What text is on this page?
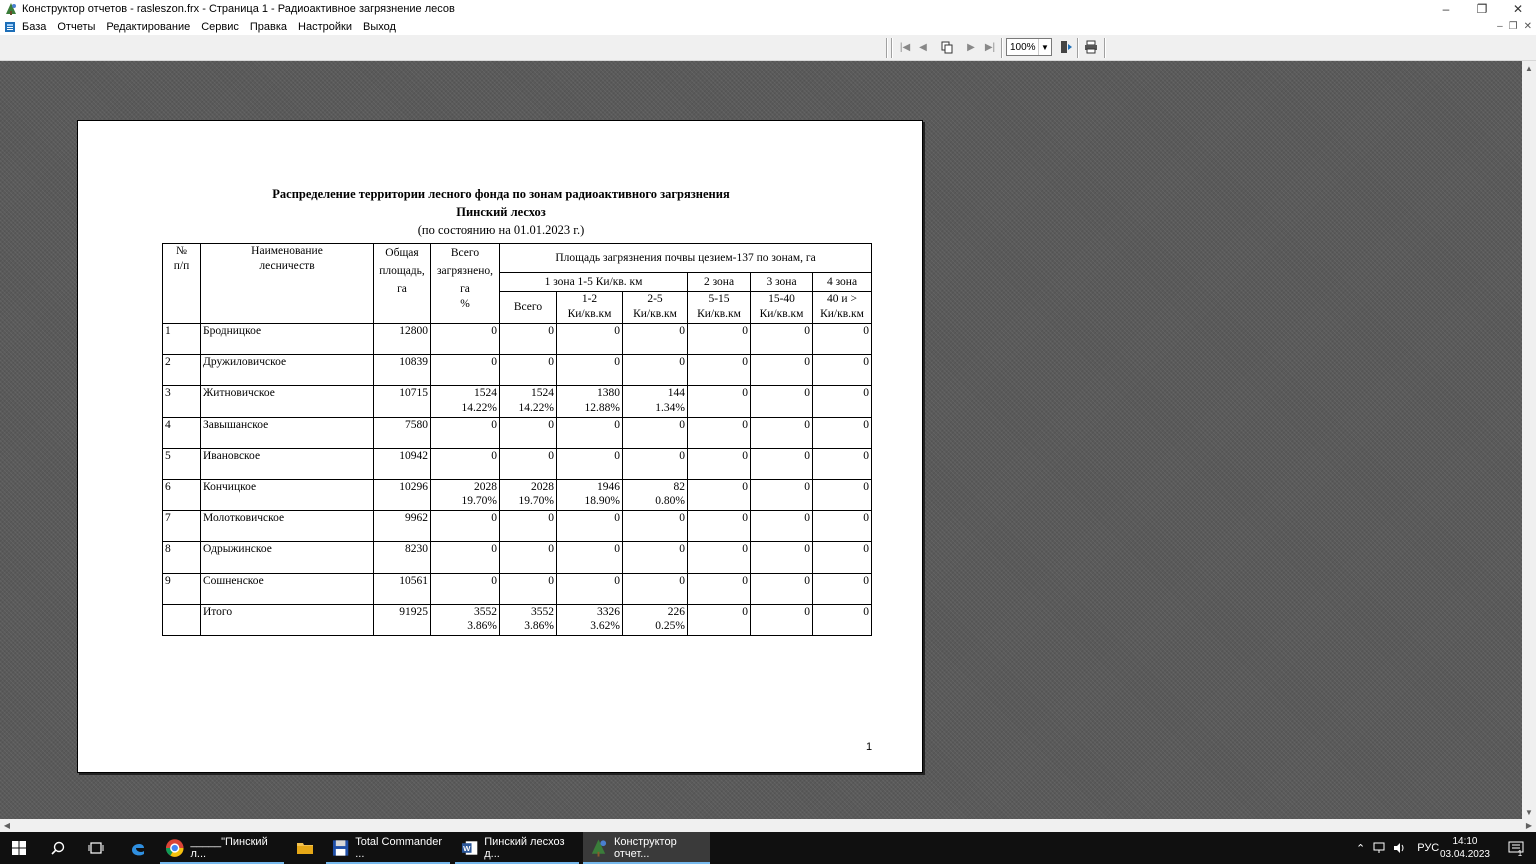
Конструктор отчетов - rasleszon.frx - Страница 1 - Радиоактивное загрязнение лесов	–	❐	✕
База Отчеты Редактирование Сервис Правка Настройки Выход	– ❐ ✕
|◀ ◀	▶	▶|	100% ▼
Распределение территории лесного фонда по зонам радиоактивного загрязнения
Пинский лесхоз
(по состоянию на 01.01.2023 г.)
№
п/п	Наименование
лесничеств	Общая
площадь,
га	Всего
загрязнено,
га
%	Площадь загрязнения почвы цезием-137 по зонам, га					
				1 зона 1-5 Ки/кв. км			2 зона	3 зона	4 зона
				Всего	1-2
Ки/кв.км	2-5
Ки/кв.км	5-15
Ки/кв.км	15-40
Ки/кв.км	40 и >
Ки/кв.км

1	Бродницкое	12800	0	0	0	0	0	0	0

2	Дружиловичское	10839	0	0	0	0	0	0	0

3	Житновичское	10715	1524
14.22%	1524
14.22%	1380
12.88%	144
1.34%	0	0	0

4	Завышанское	7580	0	0	0	0	0	0	0

5	Ивановское	10942	0	0	0	0	0	0	0

6	Кончицкое	10296	2028
19.70%	2028
19.70%	1946
18.90%	82
0.80%	0	0	0

7	Молотковичское	9962	0	0	0	0	0	0	0

8	Одрыжинское	8230	0	0	0	0	0	0	0

9	Сошненское	10561	0	0	0	0	0	0	0

	Итого	91925	3552
3.86%	3552
3.86%	3326
3.62%	226
0.25%	0	0	0
1
▲
▼
◀	▶
_____"Пинский л...
Total Commander ...	W
Пинский лесхоз д...
Конструктор отчет...	⌃	РУС
14:10
03.04.2023	1
